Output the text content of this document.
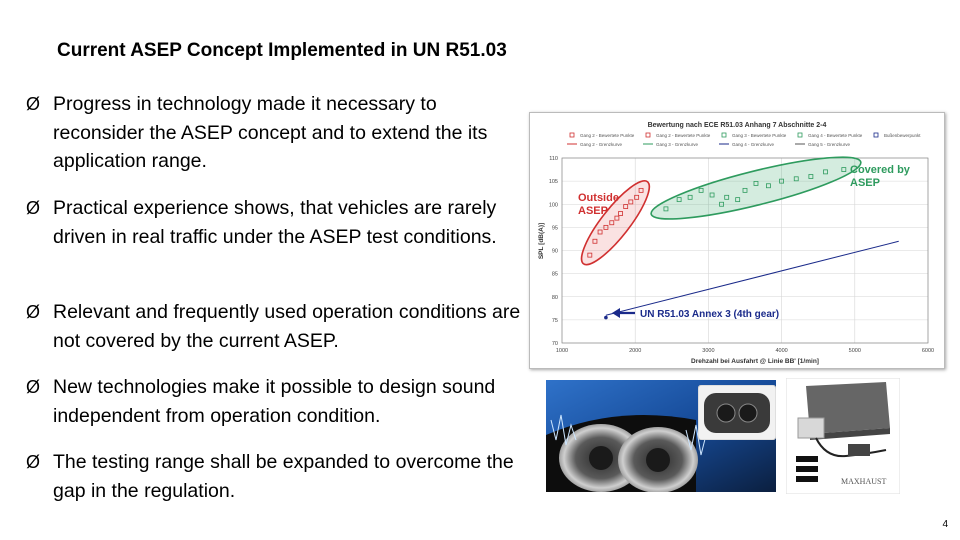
Current ASEP Concept Implemented in UN R51.03
Ø Progress in technology made it necessary to reconsider the ASEP concept and to extend the its application range.
Ø Practical experience shows, that vehicles are rarely driven in real traffic under the ASEP test conditions.
Ø Relevant and frequently used operation conditions are not covered by the current ASEP.
Ø New technologies make it possible to design sound independent from operation condition.
Ø The testing range shall be expanded to overcome the gap in the regulation.
1000	2000	3000	4000	5000	6000
70
75
80
85
90
95
100
105
110
Gang 2 - Bewertete Punkte	Gang 2 - Bewertete Punkte	Gang 3 - Bewertete Punkte	Gang 4 - Bewertete Punkte	Bußenbewerpunkt
Gang 2 - Grenzkurve	Gang 3 - Grenzkurve	Gang 4 - Grenzkurve	Gang 5 - Grenzkurve
Bewertung nach ECE R51.03 Anhang 7 Abschnitte 2-4
Drehzahl bei Ausfahrt @ Linie BB' [1/min]
SPL [dB(A)]
Outside ASEP
Covered by ASEP
UN R51.03 Annex 3 (4th gear)
MAXHAUST
4
